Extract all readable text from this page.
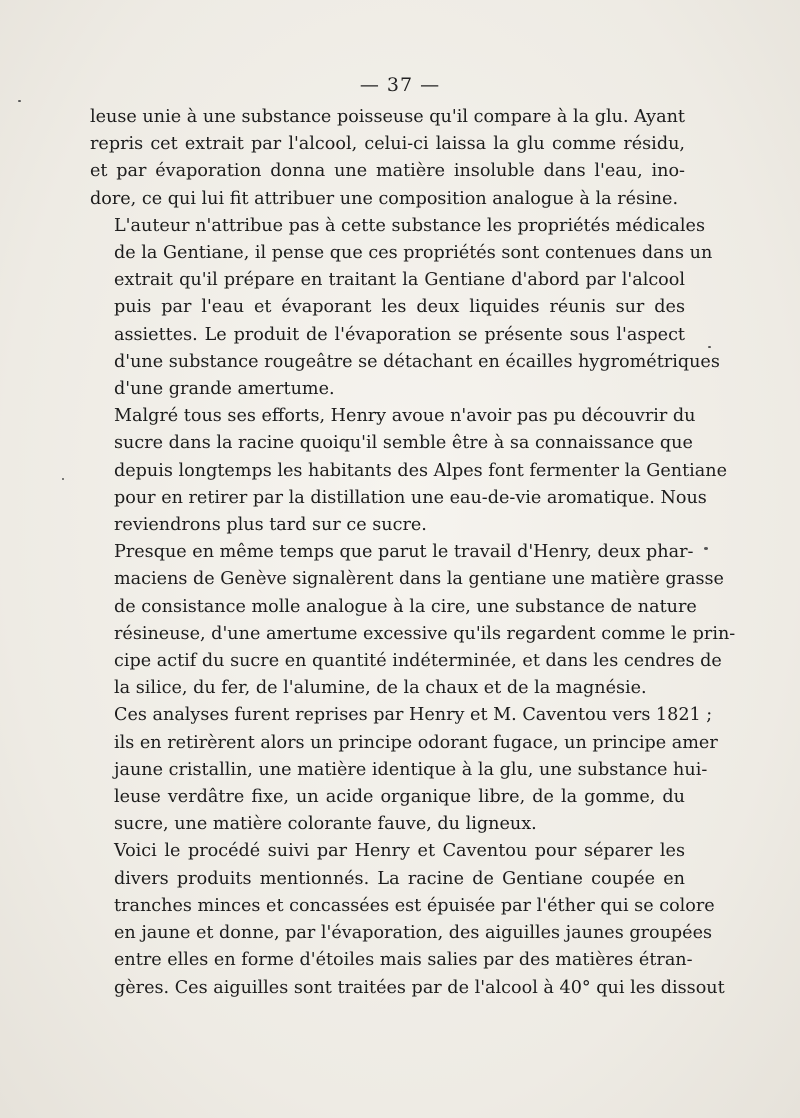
— 37 —

leuse unie à une substance poisseuse qu'il compare à la glu. Ayant
repris cet extrait par l'alcool, celui-ci laissa la glu comme résidu,
et par évaporation donna une matière insoluble dans l'eau, ino-
dore, ce qui lui fit attribuer une composition analogue à la résine.

L'auteur n'attribue pas à cette substance les propriétés médicales
de la Gentiane, il pense que ces propriétés sont contenues dans un
extrait qu'il prépare en traitant la Gentiane d'abord par l'alcool
puis par l'eau et évaporant les deux liquides réunis sur des
assiettes. Le produit de l'évaporation se présente sous l'aspect
d'une substance rougeâtre se détachant en écailles hygrométriques
d'une grande amertume.

Malgré tous ses efforts, Henry avoue n'avoir pas pu découvrir du
sucre dans la racine quoiqu'il semble être à sa connaissance que
depuis longtemps les habitants des Alpes font fermenter la Gentiane
pour en retirer par la distillation une eau-de-vie aromatique. Nous
reviendrons plus tard sur ce sucre.

Presque en même temps que parut le travail d'Henry, deux phar-
maciens de Genève signalèrent dans la gentiane une matière grasse
de consistance molle analogue à la cire, une substance de nature
résineuse, d'une amertume excessive qu'ils regardent comme le prin-
cipe actif du sucre en quantité indéterminée, et dans les cendres de
la silice, du fer, de l'alumine, de la chaux et de la magnésie.

Ces analyses furent reprises par Henry et M. Caventou vers 1821 ;
ils en retirèrent alors un principe odorant fugace, un principe amer
jaune cristallin, une matière identique à la glu, une substance hui-
leuse verdâtre fixe, un acide organique libre, de la gomme, du
sucre, une matière colorante fauve, du ligneux.

Voici le procédé suivi par Henry et Caventou pour séparer les
divers produits mentionnés. La racine de Gentiane coupée en
tranches minces et concassées est épuisée par l'éther qui se colore
en jaune et donne, par l'évaporation, des aiguilles jaunes groupées
entre elles en forme d'étoiles mais salies par des matières étran-
gères. Ces aiguilles sont traitées par de l'alcool à 40° qui les dissout
